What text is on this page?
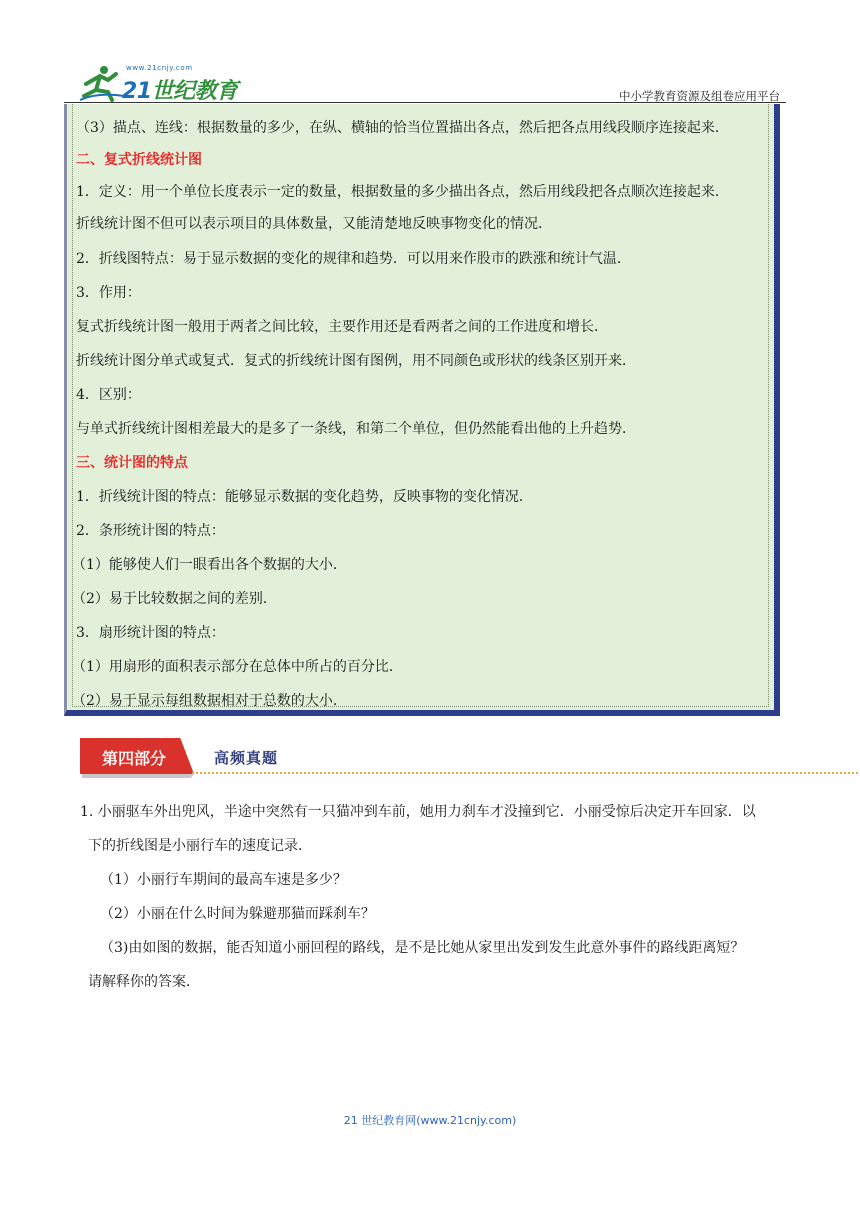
www.21cnjy.com
21世纪教育	中小学教育资源及组卷应用平台
（3）描点、连线：根据数量的多少，在纵、横轴的恰当位置描出各点，然后把各点用线段顺序连接起来．
二、复式折线统计图
1．定义：用一个单位长度表示一定的数量，根据数量的多少描出各点，然后用线段把各点顺次连接起来．
折线统计图不但可以表示项目的具体数量，又能清楚地反映事物变化的情况．
2．折线图特点：易于显示数据的变化的规律和趋势．可以用来作股市的跌涨和统计气温．
3．作用：
复式折线统计图一般用于两者之间比较，主要作用还是看两者之间的工作进度和增长．
折线统计图分单式或复式．复式的折线统计图有图例，用不同颜色或形状的线条区别开来．
4．区别：
与单式折线统计图相差最大的是多了一条线，和第二个单位，但仍然能看出他的上升趋势．
三、统计图的特点
1．折线统计图的特点：能够显示数据的变化趋势，反映事物的变化情况．
2．条形统计图的特点：
（1）能够使人们一眼看出各个数据的大小．
（2）易于比较数据之间的差别．
3．扇形统计图的特点：
（1）用扇形的面积表示部分在总体中所占的百分比．
（2）易于显示每组数据相对于总数的大小．
第四部分	高频真题
1. 小丽驱车外出兜风，半途中突然有一只猫冲到车前，她用力刹车才没撞到它．小丽受惊后决定开车回家．以
下的折线图是小丽行车的速度记录．
（1）小丽行车期间的最高车速是多少？
（2）小丽在什么时间为躲避那猫而踩刹车？
（3)由如图的数据，能否知道小丽回程的路线，是不是比她从家里出发到发生此意外事件的路线距离短？
请解释你的答案．
21 世纪教育网(www.21cnjy.com)
